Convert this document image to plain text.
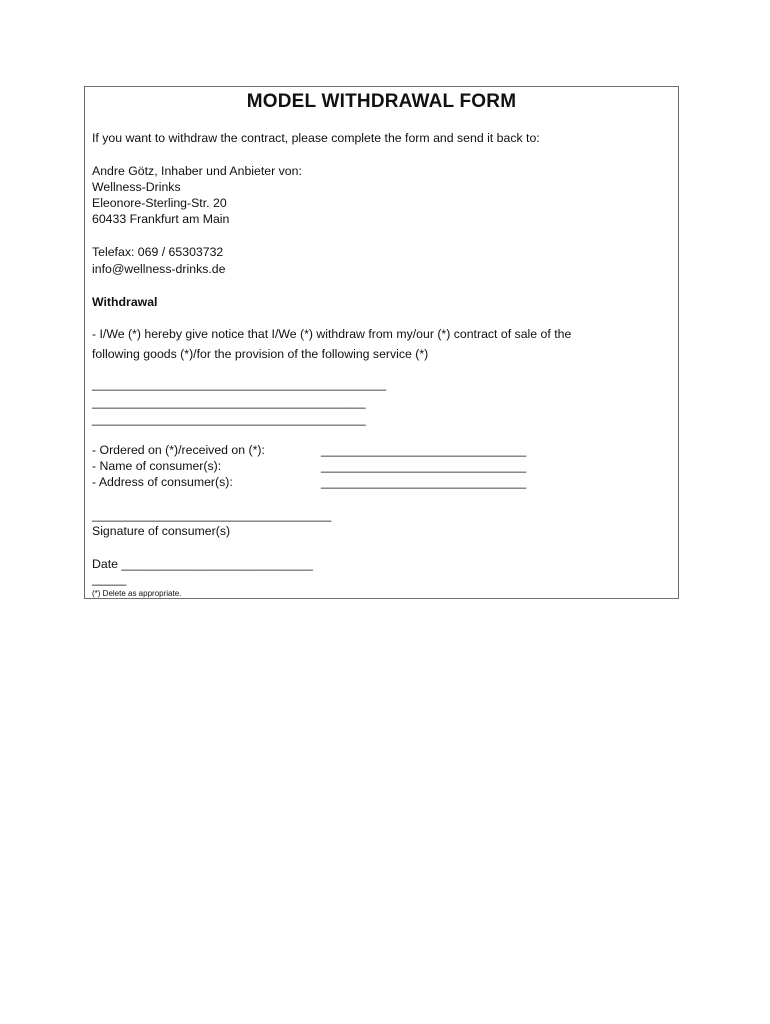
MODEL WITHDRAWAL FORM
If you want to withdraw the contract, please complete the form and send it back to:
Andre Götz, Inhaber und Anbieter von:
Wellness-Drinks
Eleonore-Sterling-Str. 20
60433 Frankfurt am Main
Telefax: 069 / 65303732
info@wellness-drinks.de
Withdrawal
- I/We (*) hereby give notice that I/We (*) withdraw from my/our (*) contract of sale of the
following goods (*)/for the provision of the following service (*)
___________________________________________
________________________________________
________________________________________
- Ordered on (*)/received on (*):	______________________________
- Name of consumer(s):	______________________________
- Address of consumer(s):	______________________________
___________________________________
Signature of consumer(s)
Date ____________________________
_____
(*) Delete as appropriate.
